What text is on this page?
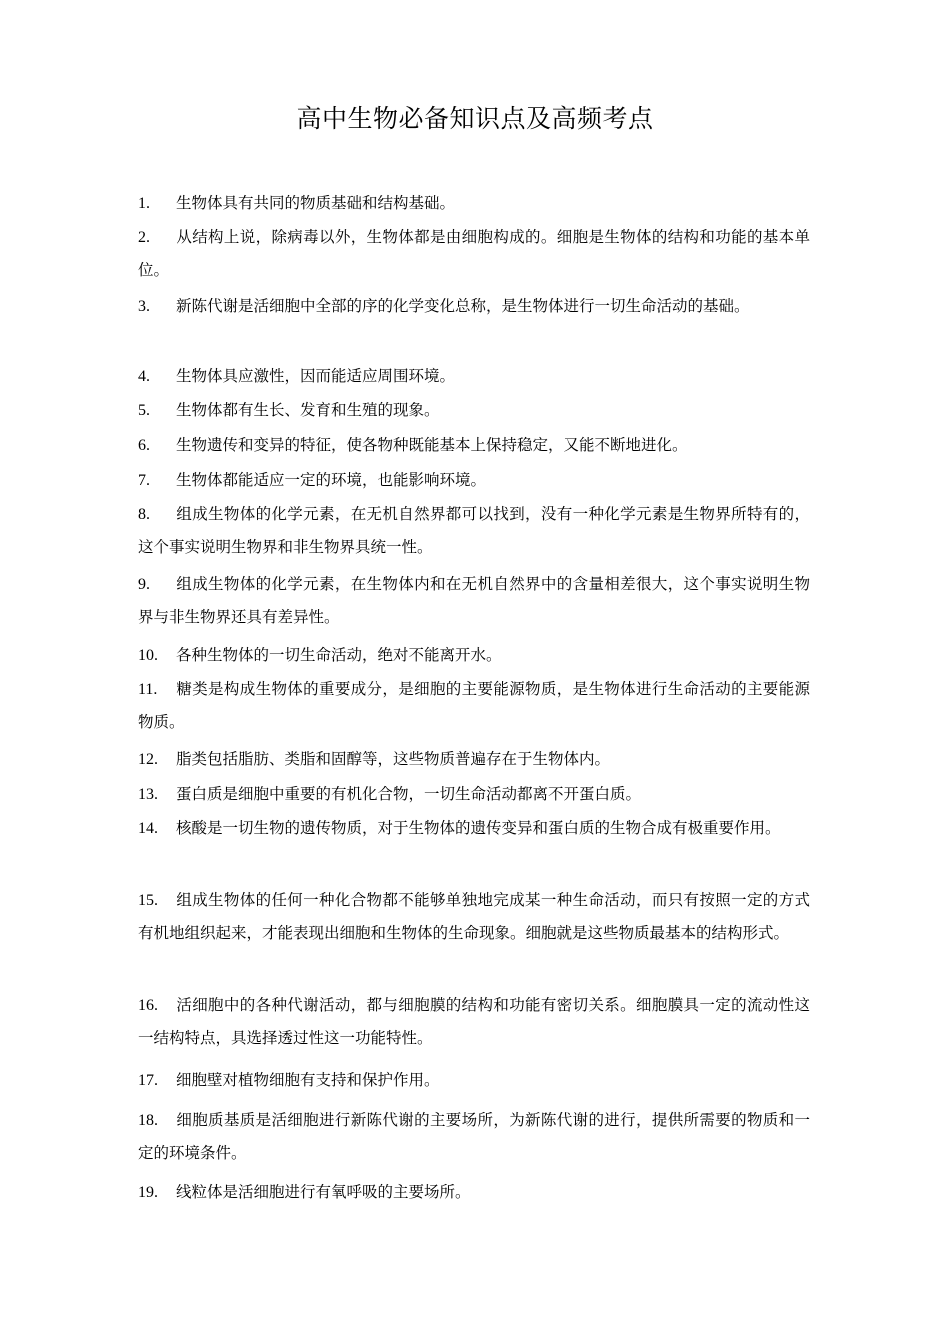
高中生物必备知识点及高频考点
1. 生物体具有共同的物质基础和结构基础。
2. 从结构上说，除病毒以外，生物体都是由细胞构成的。细胞是生物体的结构和功能的基本单位。
3. 新陈代谢是活细胞中全部的序的化学变化总称，是生物体进行一切生命活动的基础。
4. 生物体具应激性，因而能适应周围环境。
5. 生物体都有生长、发育和生殖的现象。
6. 生物遗传和变异的特征，使各物种既能基本上保持稳定，又能不断地进化。
7. 生物体都能适应一定的环境，也能影响环境。
8. 组成生物体的化学元素，在无机自然界都可以找到，没有一种化学元素是生物界所特有的，这个事实说明生物界和非生物界具统一性。
9. 组成生物体的化学元素，在生物体内和在无机自然界中的含量相差很大，这个事实说明生物界与非生物界还具有差异性。
10. 各种生物体的一切生命活动，绝对不能离开水。
11. 糖类是构成生物体的重要成分，是细胞的主要能源物质，是生物体进行生命活动的主要能源物质。
12. 脂类包括脂肪、类脂和固醇等，这些物质普遍存在于生物体内。
13. 蛋白质是细胞中重要的有机化合物，一切生命活动都离不开蛋白质。
14. 核酸是一切生物的遗传物质，对于生物体的遗传变异和蛋白质的生物合成有极重要作用。
15. 组成生物体的任何一种化合物都不能够单独地完成某一种生命活动，而只有按照一定的方式有机地组织起来，才能表现出细胞和生物体的生命现象。细胞就是这些物质最基本的结构形式。
16. 活细胞中的各种代谢活动，都与细胞膜的结构和功能有密切关系。细胞膜具一定的流动性这一结构特点，具选择透过性这一功能特性。
17. 细胞壁对植物细胞有支持和保护作用。
18. 细胞质基质是活细胞进行新陈代谢的主要场所，为新陈代谢的进行，提供所需要的物质和一定的环境条件。
19. 线粒体是活细胞进行有氧呼吸的主要场所。
